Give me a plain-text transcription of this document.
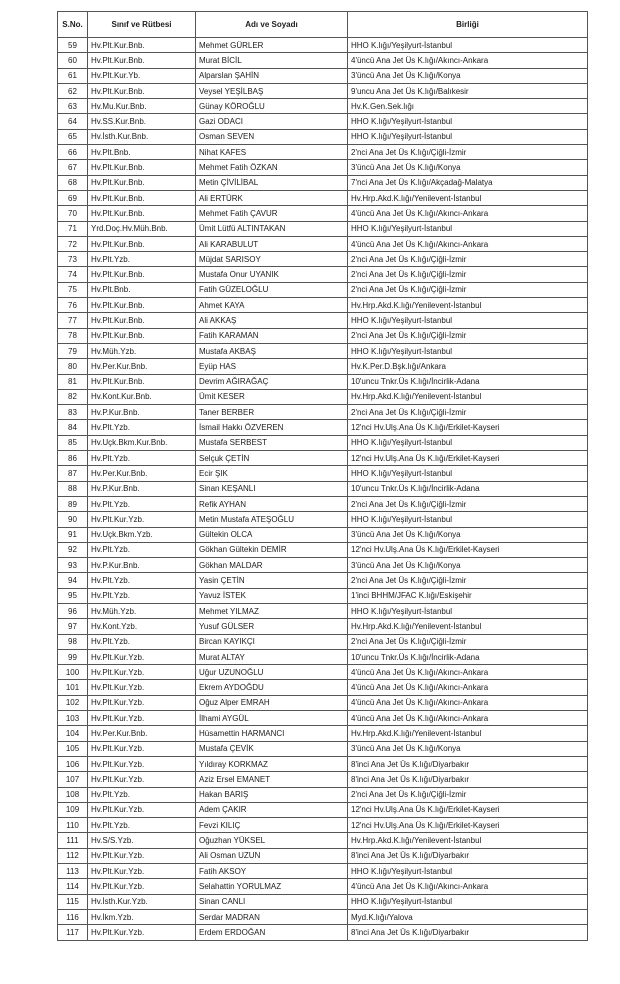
S.No.	Sınıf ve Rütbesi	Adı ve Soyadı	Birliği
59	Hv.Plt.Kur.Bnb.	Mehmet GÜRLER	HHO K.lığı/Yeşilyurt-İstanbul
60	Hv.Plt.Kur.Bnb.	Murat BİCİL	4'üncü Ana Jet Üs K.lığı/Akıncı-Ankara
61	Hv.Plt.Kur.Yb.	Alparslan ŞAHİN	3'üncü Ana Jet Üs K.lığı/Konya
62	Hv.Plt.Kur.Bnb.	Veysel YEŞİLBAŞ	9'uncu Ana Jet Üs K.lığı/Balıkesir
63	Hv.Mu.Kur.Bnb.	Günay KÖROĞLU	Hv.K.Gen.Sek.lığı
64	Hv.SS.Kur.Bnb.	Gazi ODACI	HHO K.lığı/Yeşilyurt-İstanbul
65	Hv.İsth.Kur.Bnb.	Osman SEVEN	HHO K.lığı/Yeşilyurt-İstanbul
66	Hv.Plt.Bnb.	Nihat KAFES	2'nci Ana Jet Üs K.lığı/Çiğli-İzmir
67	Hv.Plt.Kur.Bnb.	Mehmet Fatih ÖZKAN	3'üncü Ana Jet Üs K.lığı/Konya
68	Hv.Plt.Kur.Bnb.	Metin ÇİVİLİBAL	7'nci Ana Jet Üs K.lığı/Akçadağ-Malatya
69	Hv.Plt.Kur.Bnb.	Ali ERTÜRK	Hv.Hrp.Akd.K.lığı/Yenilevent-İstanbul
70	Hv.Plt.Kur.Bnb.	Mehmet Fatih ÇAVUR	4'üncü Ana Jet Üs K.lığı/Akıncı-Ankara
71	Yrd.Doç.Hv.Müh.Bnb.	Ümit Lütfü ALTINTAKAN	HHO K.lığı/Yeşilyurt-İstanbul
72	Hv.Plt.Kur.Bnb.	Ali KARABULUT	4'üncü Ana Jet Üs K.lığı/Akıncı-Ankara
73	Hv.Plt.Yzb.	Müjdat SARISOY	2'nci Ana Jet Üs K.lığı/Çiğli-İzmir
74	Hv.Plt.Kur.Bnb.	Mustafa Onur UYANIK	2'nci Ana Jet Üs K.lığı/Çiğli-İzmir
75	Hv.Plt.Bnb.	Fatih GÜZELOĞLU	2'nci Ana Jet Üs K.lığı/Çiğli-İzmir
76	Hv.Plt.Kur.Bnb.	Ahmet KAYA	Hv.Hrp.Akd.K.lığı/Yenilevent-İstanbul
77	Hv.Plt.Kur.Bnb.	Ali AKKAŞ	HHO K.lığı/Yeşilyurt-İstanbul
78	Hv.Plt.Kur.Bnb.	Fatih KARAMAN	2'nci Ana Jet Üs K.lığı/Çiğli-İzmir
79	Hv.Müh.Yzb.	Mustafa AKBAŞ	HHO K.lığı/Yeşilyurt-İstanbul
80	Hv.Per.Kur.Bnb.	Eyüp HAS	Hv.K.Per.D.Bşk.lığı/Ankara
81	Hv.Plt.Kur.Bnb.	Devrim AĞIRAĞAÇ	10'uncu Tnkr.Üs K.lığı/İncirlik-Adana
82	Hv.Kont.Kur.Bnb.	Ümit KESER	Hv.Hrp.Akd.K.lığı/Yenilevent-İstanbul
83	Hv.P.Kur.Bnb.	Taner BERBER	2'nci Ana Jet Üs K.lığı/Çiğli-İzmir
84	Hv.Plt.Yzb.	İsmail Hakkı ÖZVEREN	12'nci Hv.Ulş.Ana Üs K.lığı/Erkilet-Kayseri
85	Hv.Uçk.Bkm.Kur.Bnb.	Mustafa SERBEST	HHO K.lığı/Yeşilyurt-İstanbul
86	Hv.Plt.Yzb.	Selçuk ÇETİN	12'nci Hv.Ulş.Ana Üs K.lığı/Erkilet-Kayseri
87	Hv.Per.Kur.Bnb.	Ecir ŞIK	HHO K.lığı/Yeşilyurt-İstanbul
88	Hv.P.Kur.Bnb.	Sinan KEŞANLI	10'uncu Tnkr.Üs K.lığı/İncirlik-Adana
89	Hv.Plt.Yzb.	Refik AYHAN	2'nci Ana Jet Üs K.lığı/Çiğli-İzmir
90	Hv.Plt.Kur.Yzb.	Metin Mustafa ATEŞOĞLU	HHO K.lığı/Yeşilyurt-İstanbul
91	Hv.Uçk.Bkm.Yzb.	Gültekin OLCA	3'üncü Ana Jet Üs K.lığı/Konya
92	Hv.Plt.Yzb.	Gökhan Gültekin DEMİR	12'nci Hv.Ulş.Ana Üs K.lığı/Erkilet-Kayseri
93	Hv.P.Kur.Bnb.	Gökhan MALDAR	3'üncü Ana Jet Üs K.lığı/Konya
94	Hv.Plt.Yzb.	Yasin ÇETİN	2'nci Ana Jet Üs K.lığı/Çiğli-İzmir
95	Hv.Plt.Yzb.	Yavuz İSTEK	1'inci BHHM/JFAC K.lığı/Eskişehir
96	Hv.Müh.Yzb.	Mehmet YILMAZ	HHO K.lığı/Yeşilyurt-İstanbul
97	Hv.Kont.Yzb.	Yusuf GÜLSER	Hv.Hrp.Akd.K.lığı/Yenilevent-İstanbul
98	Hv.Plt.Yzb.	Bircan KAYIKÇI	2'nci Ana Jet Üs K.lığı/Çiğli-İzmir
99	Hv.Plt.Kur.Yzb.	Murat ALTAY	10'uncu Tnkr.Üs K.lığı/İncirlik-Adana
100	Hv.Plt.Kur.Yzb.	Uğur UZUNOĞLU	4'üncü Ana Jet Üs K.lığı/Akıncı-Ankara
101	Hv.Plt.Kur.Yzb.	Ekrem AYDOĞDU	4'üncü Ana Jet Üs K.lığı/Akıncı-Ankara
102	Hv.Plt.Kur.Yzb.	Oğuz Alper EMRAH	4'üncü Ana Jet Üs K.lığı/Akıncı-Ankara
103	Hv.Plt.Kur.Yzb.	İlhami AYGÜL	4'üncü Ana Jet Üs K.lığı/Akıncı-Ankara
104	Hv.Per.Kur.Bnb.	Hüsamettin HARMANCI	Hv.Hrp.Akd.K.lığı/Yenilevent-İstanbul
105	Hv.Plt.Kur.Yzb.	Mustafa ÇEVİK	3'üncü Ana Jet Üs K.lığı/Konya
106	Hv.Plt.Kur.Yzb.	Yıldıray KORKMAZ	8'inci Ana Jet Üs K.lığı/Diyarbakır
107	Hv.Plt.Kur.Yzb.	Aziz Ersel EMANET	8'inci Ana Jet Üs K.lığı/Diyarbakır
108	Hv.Plt.Yzb.	Hakan BARIŞ	2'nci Ana Jet Üs K.lığı/Çiğli-İzmir
109	Hv.Plt.Kur.Yzb.	Adem ÇAKIR	12'nci Hv.Ulş.Ana Üs K.lığı/Erkilet-Kayseri
110	Hv.Plt.Yzb.	Fevzi KILIÇ	12'nci Hv.Ulş.Ana Üs K.lığı/Erkilet-Kayseri
111	Hv.S/S.Yzb.	Oğuzhan YÜKSEL	Hv.Hrp.Akd.K.lığı/Yenilevent-İstanbul
112	Hv.Plt.Kur.Yzb.	Ali Osman UZUN	8'inci Ana Jet Üs K.lığı/Diyarbakır
113	Hv.Plt.Kur.Yzb.	Fatih AKSOY	HHO K.lığı/Yeşilyurt-İstanbul
114	Hv.Plt.Kur.Yzb.	Selahattin YORULMAZ	4'üncü Ana Jet Üs K.lığı/Akıncı-Ankara
115	Hv.İsth.Kur.Yzb.	Sinan CANLI	HHO K.lığı/Yeşilyurt-İstanbul
116	Hv.İkm.Yzb.	Serdar MADRAN	Myd.K.lığı/Yalova
117	Hv.Plt.Kur.Yzb.	Erdem ERDOĞAN	8'inci Ana Jet Üs K.lığı/Diyarbakır
